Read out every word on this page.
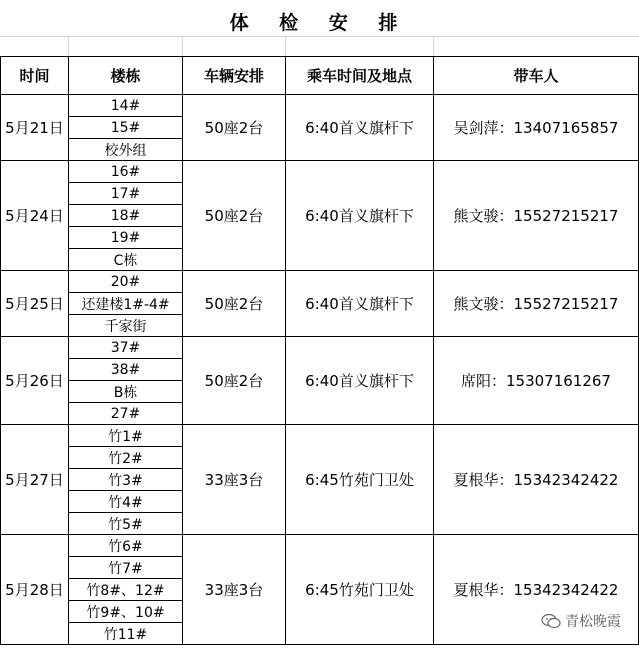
体 检 安 排
时间	楼栋	车辆安排	乘车时间及地点	带车人
5月21日	14#	50座2台	6:40首义旗杆下	吴剑萍：13407165857
	15#			
	校外组			
5月24日	16#	50座2台	6:40首义旗杆下	熊文骏：15527215217
	17#			
	18#			
	19#			
	C栋			
5月25日	20#	50座2台	6:40首义旗杆下	熊文骏：15527215217
	还建楼1#-4#			
	千家街			
5月26日	37#	50座2台	6:40首义旗杆下	席阳：15307161267
	38#			
	B栋			
	27#			
5月27日	竹1#	33座3台	6:45竹苑门卫处	夏根华：15342342422
	竹2#			
	竹3#			
	竹4#			
	竹5#			
5月28日	竹6#	33座3台	6:45竹苑门卫处	夏根华：15342342422
	竹7#			
	竹8#、12#			
	竹9#、10#			
	竹11#			
青松晚霞
